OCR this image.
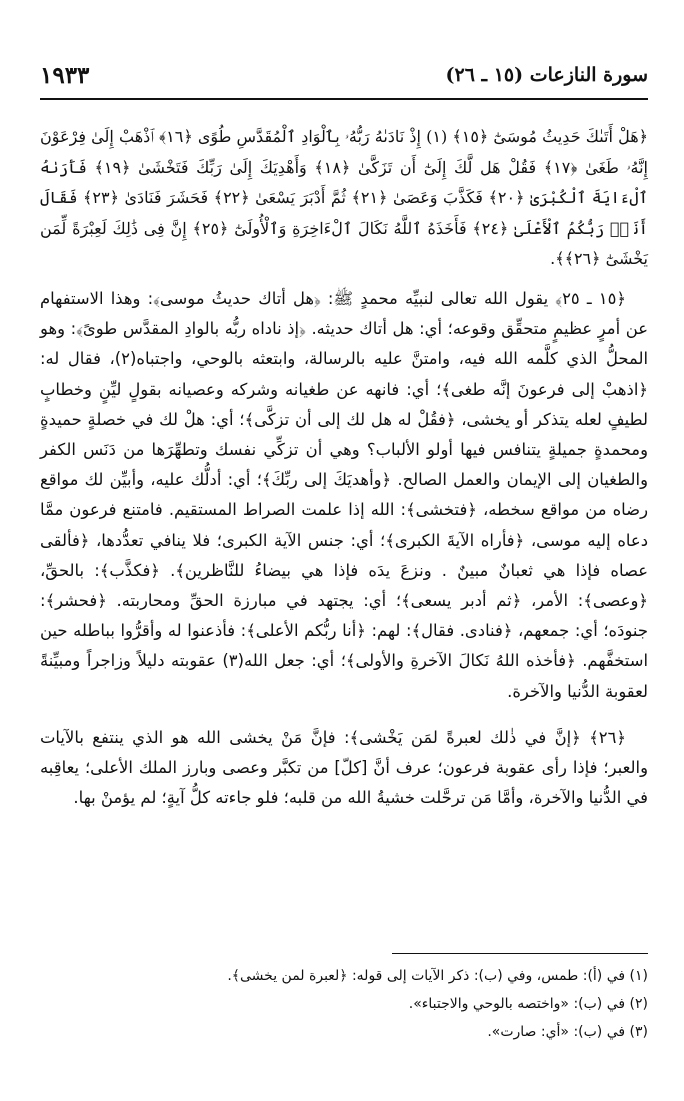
سورة النازعات (١٥ ـ ٢٦)
١٩٣٣
﴿هَلْ أَتَىٰكَ حَدِيثُ مُوسَىٰٓ ﴿١٥﴾ (١) إِذْ نَادَىٰهُ رَبُّهُۥ بِٱلْوَادِ ٱلْمُقَدَّسِ طُوًى ﴿١٦﴾ ٱذْهَبْ إِلَىٰ فِرْعَوْنَ إِنَّهُۥ طَغَىٰ ﴿١٧﴾ فَقُلْ هَل لَّكَ إِلَىٰٓ أَن تَزَكَّىٰ ﴿١٨﴾ وَأَهْدِيَكَ إِلَىٰ رَبِّكَ فَتَخْشَىٰ ﴿١٩﴾ فَأَرَىٰهُ ٱلْءَايَةَ ٱلْكُبْرَىٰ ﴿٢٠﴾ فَكَذَّبَ وَعَصَىٰ ﴿٢١﴾ ثُمَّ أَدْبَرَ يَسْعَىٰ ﴿٢٢﴾ فَحَشَرَ فَنَادَىٰ ﴿٢٣﴾ فَقَالَ أَنَا۠ رَبُّكُمُ ٱلْأَعْلَىٰ ﴿٢٤﴾ فَأَخَذَهُ ٱللَّهُ نَكَالَ ٱلْءَاخِرَةِ وَٱلْأُولَىٰٓ ﴿٢٥﴾ إِنَّ فِى ذَٰلِكَ لَعِبْرَةً لِّمَن يَخْشَىٰٓ ﴿٢٦﴾﴾.

﴿١٥ ـ ٢٥﴾ يقول الله تعالى لنبيِّه محمدٍ ﷺ: ﴿هل أتاك حديثُ موسى﴾: وهذا الاستفهام عن أمرٍ عظيمٍ متحقِّق وقوعه؛ أي: هل أتاك حديثه. ﴿إذ ناداه ربُّه بالوادِ المقدَّس طوىً﴾: وهو المحلُّ الذي كلَّمه الله فيه، وامتنَّ عليه بالرسالة، وابتعثه بالوحي، واجتباه(٢)، فقال له: ﴿اذهبْ إلى فرعونَ إنَّه طغى﴾؛ أي: فانهه عن طغيانه وشركه وعصيانه بقولٍ ليِّنٍ وخطابٍ لطيفٍ لعله يتذكر أو يخشى، ﴿فقُلْ له هل لك إلى أن تزكَّى﴾؛ أي: هلْ لك في خصلةٍ حميدةٍ ومحمدةٍ جميلةٍ يتنافس فيها أولو الألباب؟ وهي أن تزكِّي نفسك وتطهِّرَها من دَنَس الكفر والطغيان إلى الإيمان والعمل الصالح. ﴿وأهديَكَ إلى ربِّكَ﴾؛ أي: أدلُّك عليه، وأبيِّن لك مواقع رضاه من مواقع سخطه، ﴿فتخشى﴾: الله إذا علمت الصراط المستقيم. فامتنع فرعون ممَّا دعاه إليه موسى، ﴿فأراه الآيةَ الكبرى﴾؛ أي: جنس الآية الكبرى؛ فلا ينافي تعدُّدها، ﴿فألقى عصاه فإذا هي ثعبانٌ مبينٌ . ونزعَ يدَه فإذا هي بيضاءُ للنَّاظرين﴾. ﴿فكذَّب﴾: بالحقِّ، ﴿وعصى﴾: الأمر، ﴿ثم أدبر يسعى﴾؛ أي: يجتهد في مبارزة الحقِّ ومحاربته. ﴿فحشر﴾: جنودَه؛ أي: جمعهم، ﴿فنادى. فقال﴾: لهم: ﴿أنا ربُّكم الأعلى﴾: فأذعنوا له وأقرُّوا بباطله حين استخفَّهم. ﴿فأخذه اللهُ نَكالَ الآخرةِ والأولى﴾؛ أي: جعل الله(٣) عقوبته دليلاً وزاجراً ومبيِّنةً لعقوبة الدُّنيا والآخرة.

﴿٢٦﴾ ﴿إنَّ في ذٰلك لعبرةً لمَن يَخْشى﴾: فإنَّ مَنْ يخشى الله هو الذي ينتفع بالآيات والعبر؛ فإذا رأى عقوبة فرعون؛ عرف أنَّ [كلّ] من تكبَّر وعصى وبارز الملك الأعلى؛ يعاقِبه في الدُّنيا والآخرة، وأمَّا مَن ترحَّلت خشيةُ الله من قلبه؛ فلو جاءته كلُّ آيةٍ؛ لم يؤمنْ بها.

(١) في (أ): طمس، وفي (ب): ذكر الآيات إلى قوله: ﴿لعبرة لمن يخشى﴾.
(٢) في (ب): «واختصه بالوحي والاجتباء».
(٣) في (ب): «أي: صارت».
